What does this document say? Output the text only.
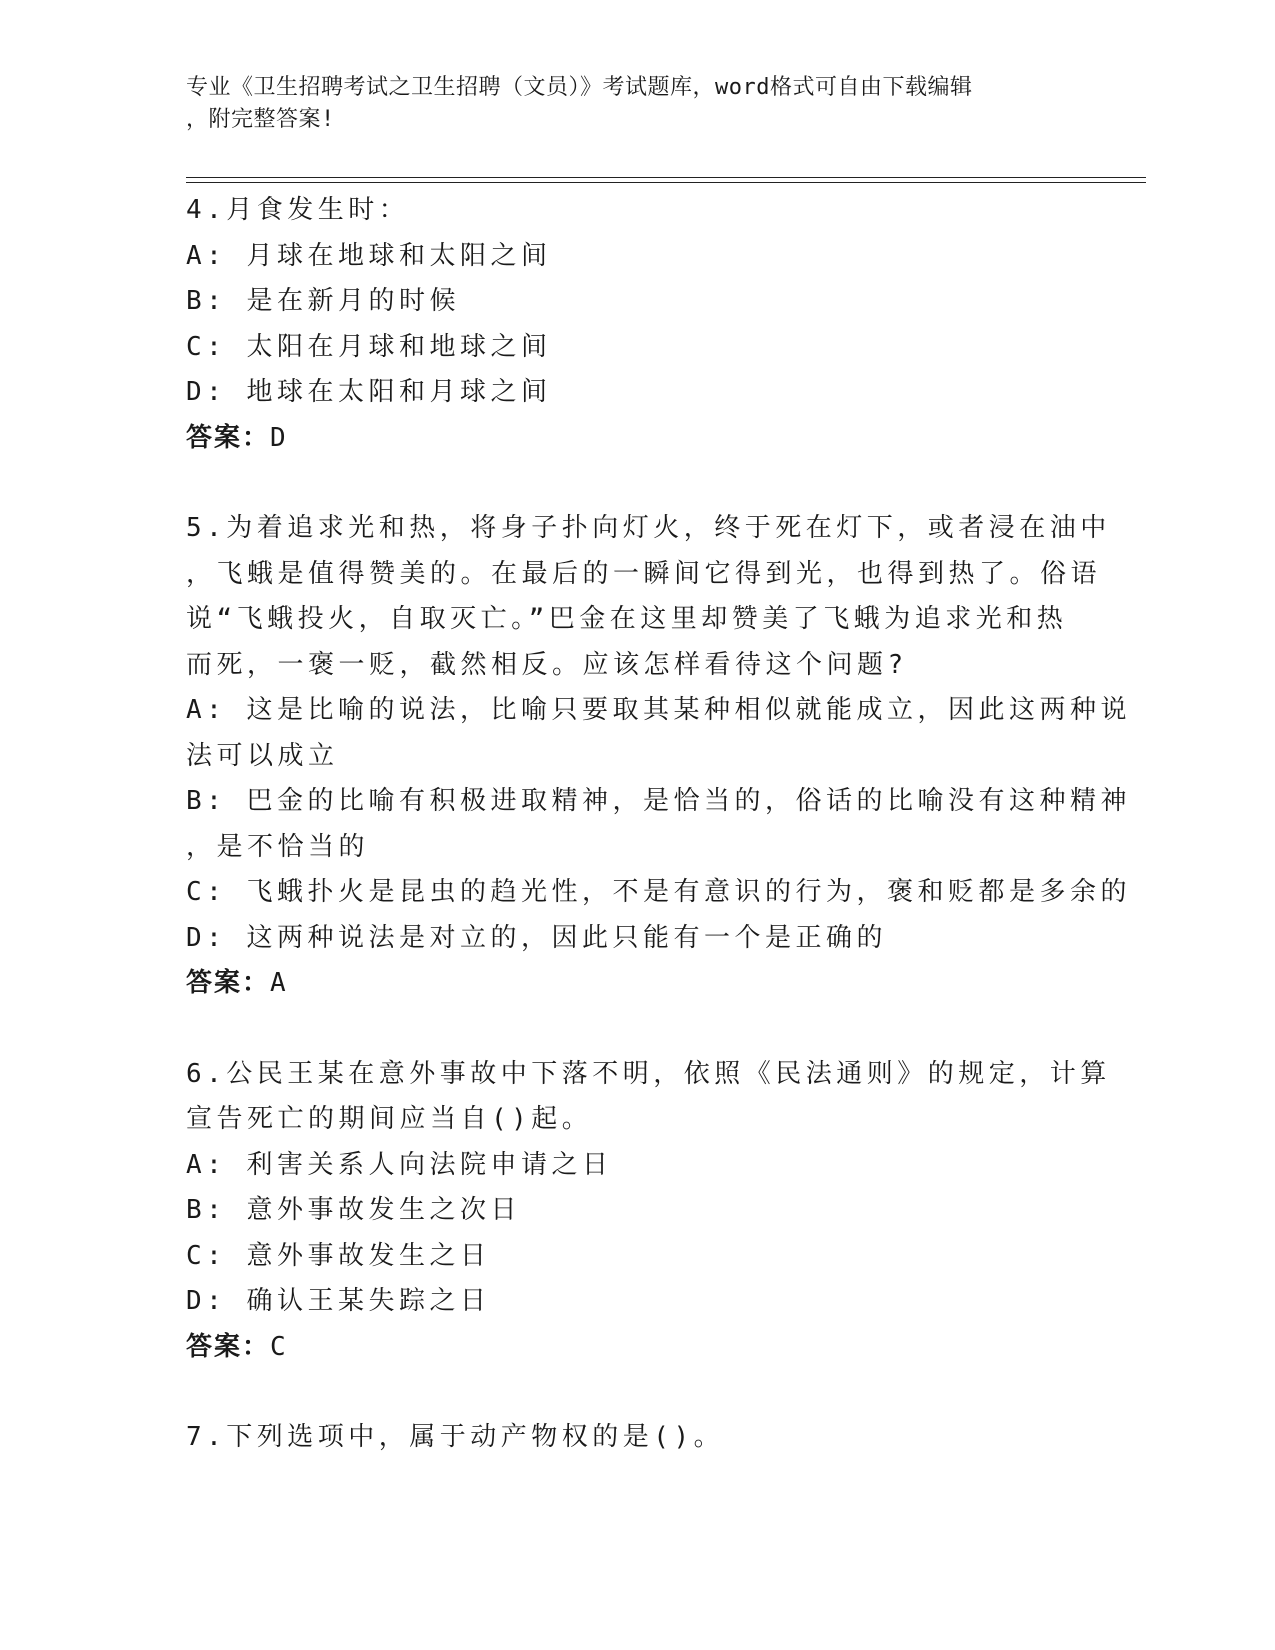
专业《卫生招聘考试之卫生招聘（文员）》考试题库，word格式可自由下载编辑

，附完整答案!

4.月食发生时：

A: 月球在地球和太阳之间

B: 是在新月的时候

C: 太阳在月球和地球之间

D: 地球在太阳和月球之间

答案：D

5.为着追求光和热，将身子扑向灯火，终于死在灯下，或者浸在油中

，飞蛾是值得赞美的。在最后的一瞬间它得到光，也得到热了。俗语

说“飞蛾投火，自取灭亡。”巴金在这里却赞美了飞蛾为追求光和热

而死，一褒一贬，截然相反。应该怎样看待这个问题?

A: 这是比喻的说法，比喻只要取其某种相似就能成立，因此这两种说

法可以成立

B: 巴金的比喻有积极进取精神，是恰当的，俗话的比喻没有这种精神

，是不恰当的

C: 飞蛾扑火是昆虫的趋光性，不是有意识的行为，褒和贬都是多余的

D: 这两种说法是对立的，因此只能有一个是正确的

答案：A

6.公民王某在意外事故中下落不明，依照《民法通则》的规定，计算

宣告死亡的期间应当自()起。

A: 利害关系人向法院申请之日

B: 意外事故发生之次日

C: 意外事故发生之日

D: 确认王某失踪之日

答案：C

7.下列选项中，属于动产物权的是()。
